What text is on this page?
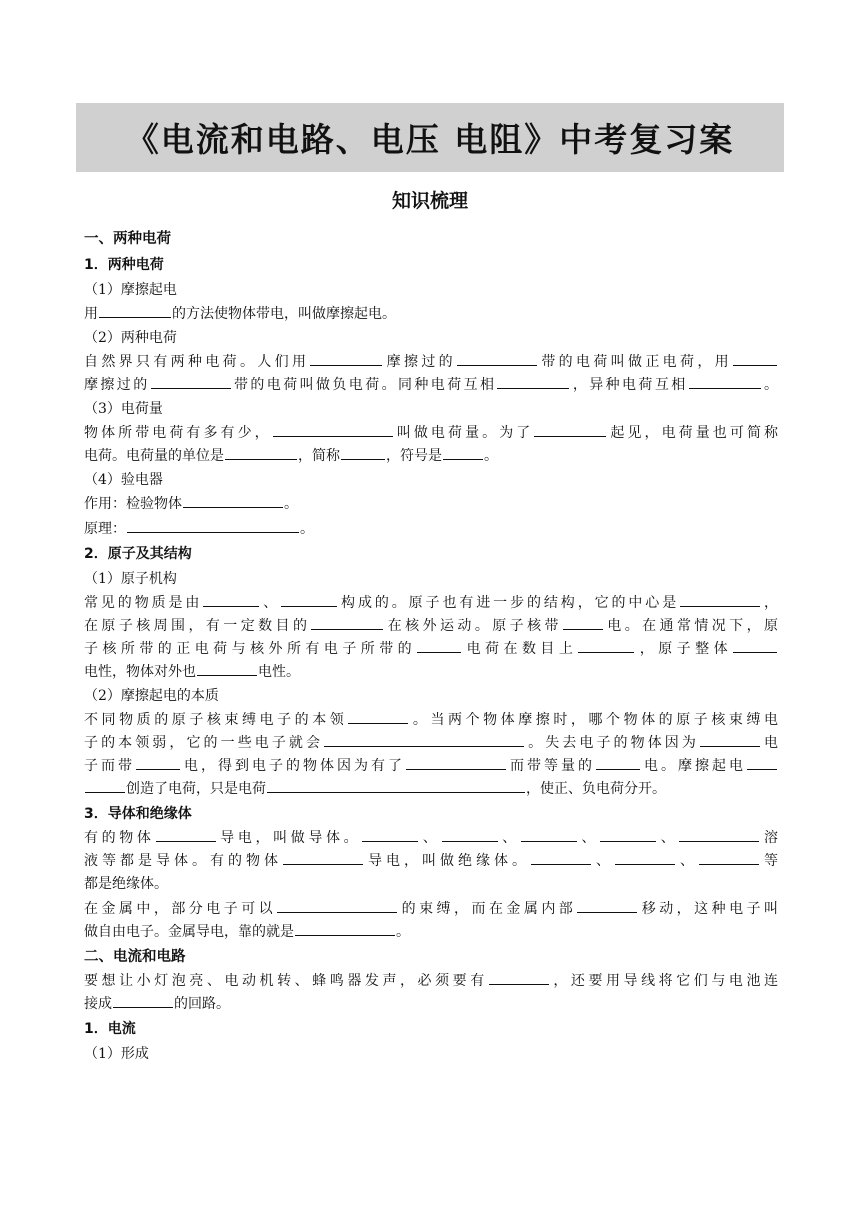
《电流和电路、电压 电阻》中考复习案
知识梳理
一、两种电荷
1．两种电荷
（1）摩擦起电
用	的方法使物体带电，叫做摩擦起电。
（2）两种电荷
自然界只有两种电荷。人们用	摩擦过的	带的电荷叫做正电荷，用
摩擦过的	带的电荷叫做负电荷。同种电荷互相	，异种电荷互相	。
（3）电荷量
物体所带电荷有多有少，	叫做电荷量。为了	起见，电荷量也可简称
电荷。电荷量的单位是	，简称	，符号是	。
（4）验电器
作用：检验物体	。
原理：	。
2．原子及其结构
（1）原子机构
常见的物质是由	、	构成的。原子也有进一步的结构，它的中心是	，
在原子核周围，有一定数目的	在核外运动。原子核带	电。在通常情况下，原
子核所带的正电荷与核外所有电子所带的	电荷在数目上	，原子整体
电性，物体对外也	电性。
（2）摩擦起电的本质
不同物质的原子核束缚电子的本领	。当两个物体摩擦时，哪个物体的原子核束缚电
子的本领弱，它的一些电子就会	。失去电子的物体因为	电
子而带	电，得到电子的物体因为有了	而带等量的	电。摩擦起电
创造了电荷，只是电荷	，使正、负电荷分开。
3．导体和绝缘体
有的物体	导电，叫做导体。	、	、	、	、	溶
液等都是导体。有的物体	导电，叫做绝缘体。	、	、	等
都是绝缘体。
在金属中，部分电子可以	的束缚，而在金属内部	移动，这种电子叫
做自由电子。金属导电，靠的就是	。
二、电流和电路
要想让小灯泡亮、电动机转、蜂鸣器发声，必须要有	，还要用导线将它们与电池连
接成	的回路。
1．电流
（1）形成
